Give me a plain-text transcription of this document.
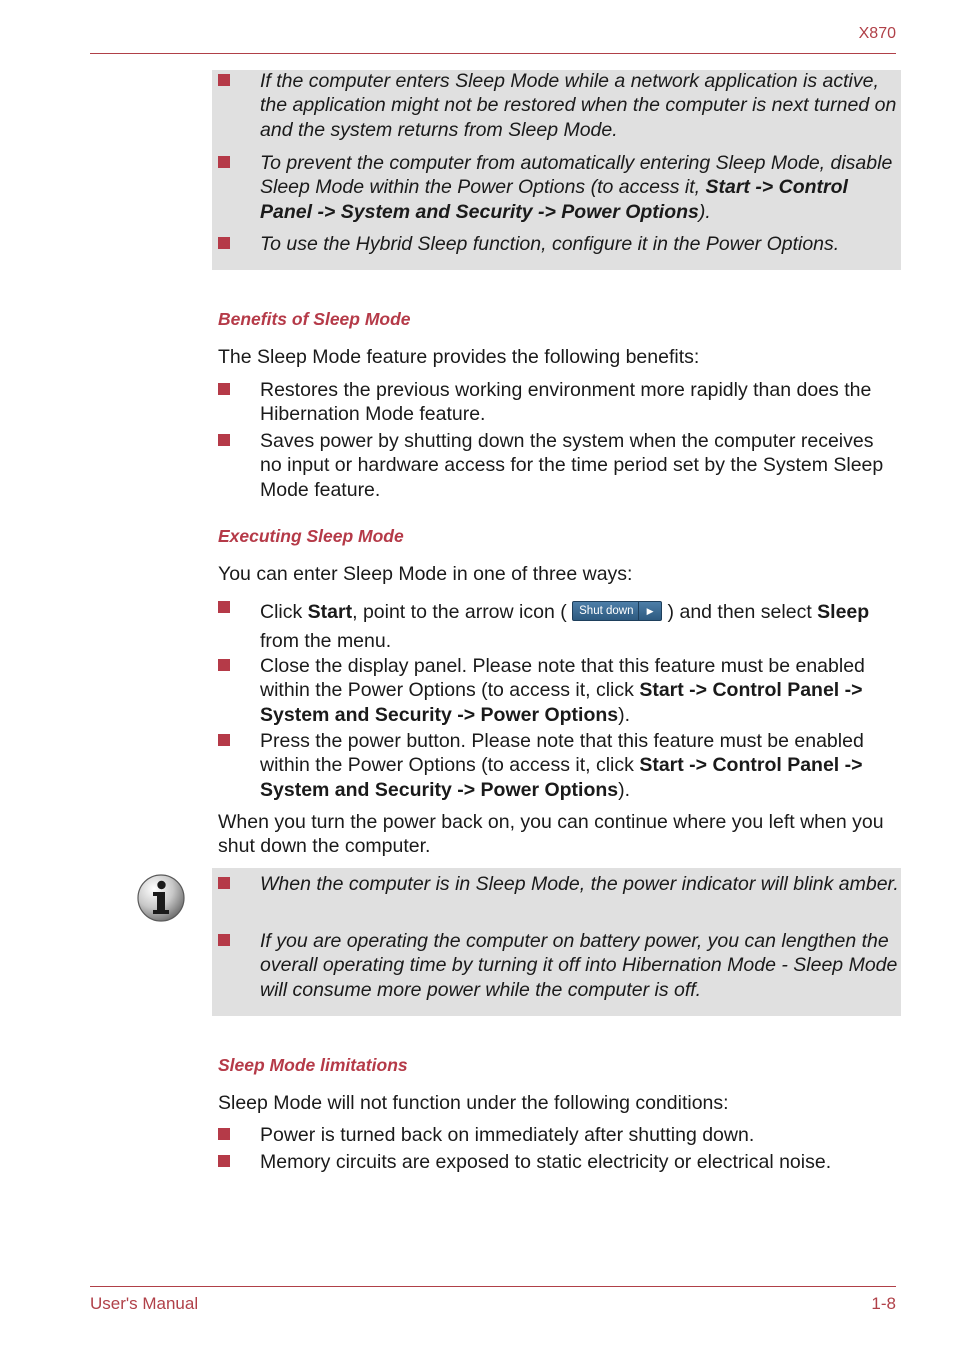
X870
If the computer enters Sleep Mode while a network application is active, the application might not be restored when the computer is next turned on and the system returns from Sleep Mode.
To prevent the computer from automatically entering Sleep Mode, disable Sleep Mode within the Power Options (to access it, Start -> Control Panel -> System and Security -> Power Options).
To use the Hybrid Sleep function, configure it in the Power Options.
Benefits of Sleep Mode
The Sleep Mode feature provides the following benefits:
Restores the previous working environment more rapidly than does the Hibernation Mode feature.
Saves power by shutting down the system when the computer receives no input or hardware access for the time period set by the System Sleep Mode feature.
Executing Sleep Mode
You can enter Sleep Mode in one of three ways:
Click Start, point to the arrow icon ( Shut down	▶ ) and then select Sleep from the menu.
Close the display panel. Please note that this feature must be enabled within the Power Options (to access it, click Start -> Control Panel -> System and Security -> Power Options).
Press the power button. Please note that this feature must be enabled within the Power Options (to access it, click Start -> Control Panel -> System and Security -> Power Options).
When you turn the power back on, you can continue where you left when you shut down the computer.
When the computer is in Sleep Mode, the power indicator will blink amber.
If you are operating the computer on battery power, you can lengthen the overall operating time by turning it off into Hibernation Mode - Sleep Mode will consume more power while the computer is off.
Sleep Mode limitations
Sleep Mode will not function under the following conditions:
Power is turned back on immediately after shutting down.
Memory circuits are exposed to static electricity or electrical noise.
User's Manual	1-8
